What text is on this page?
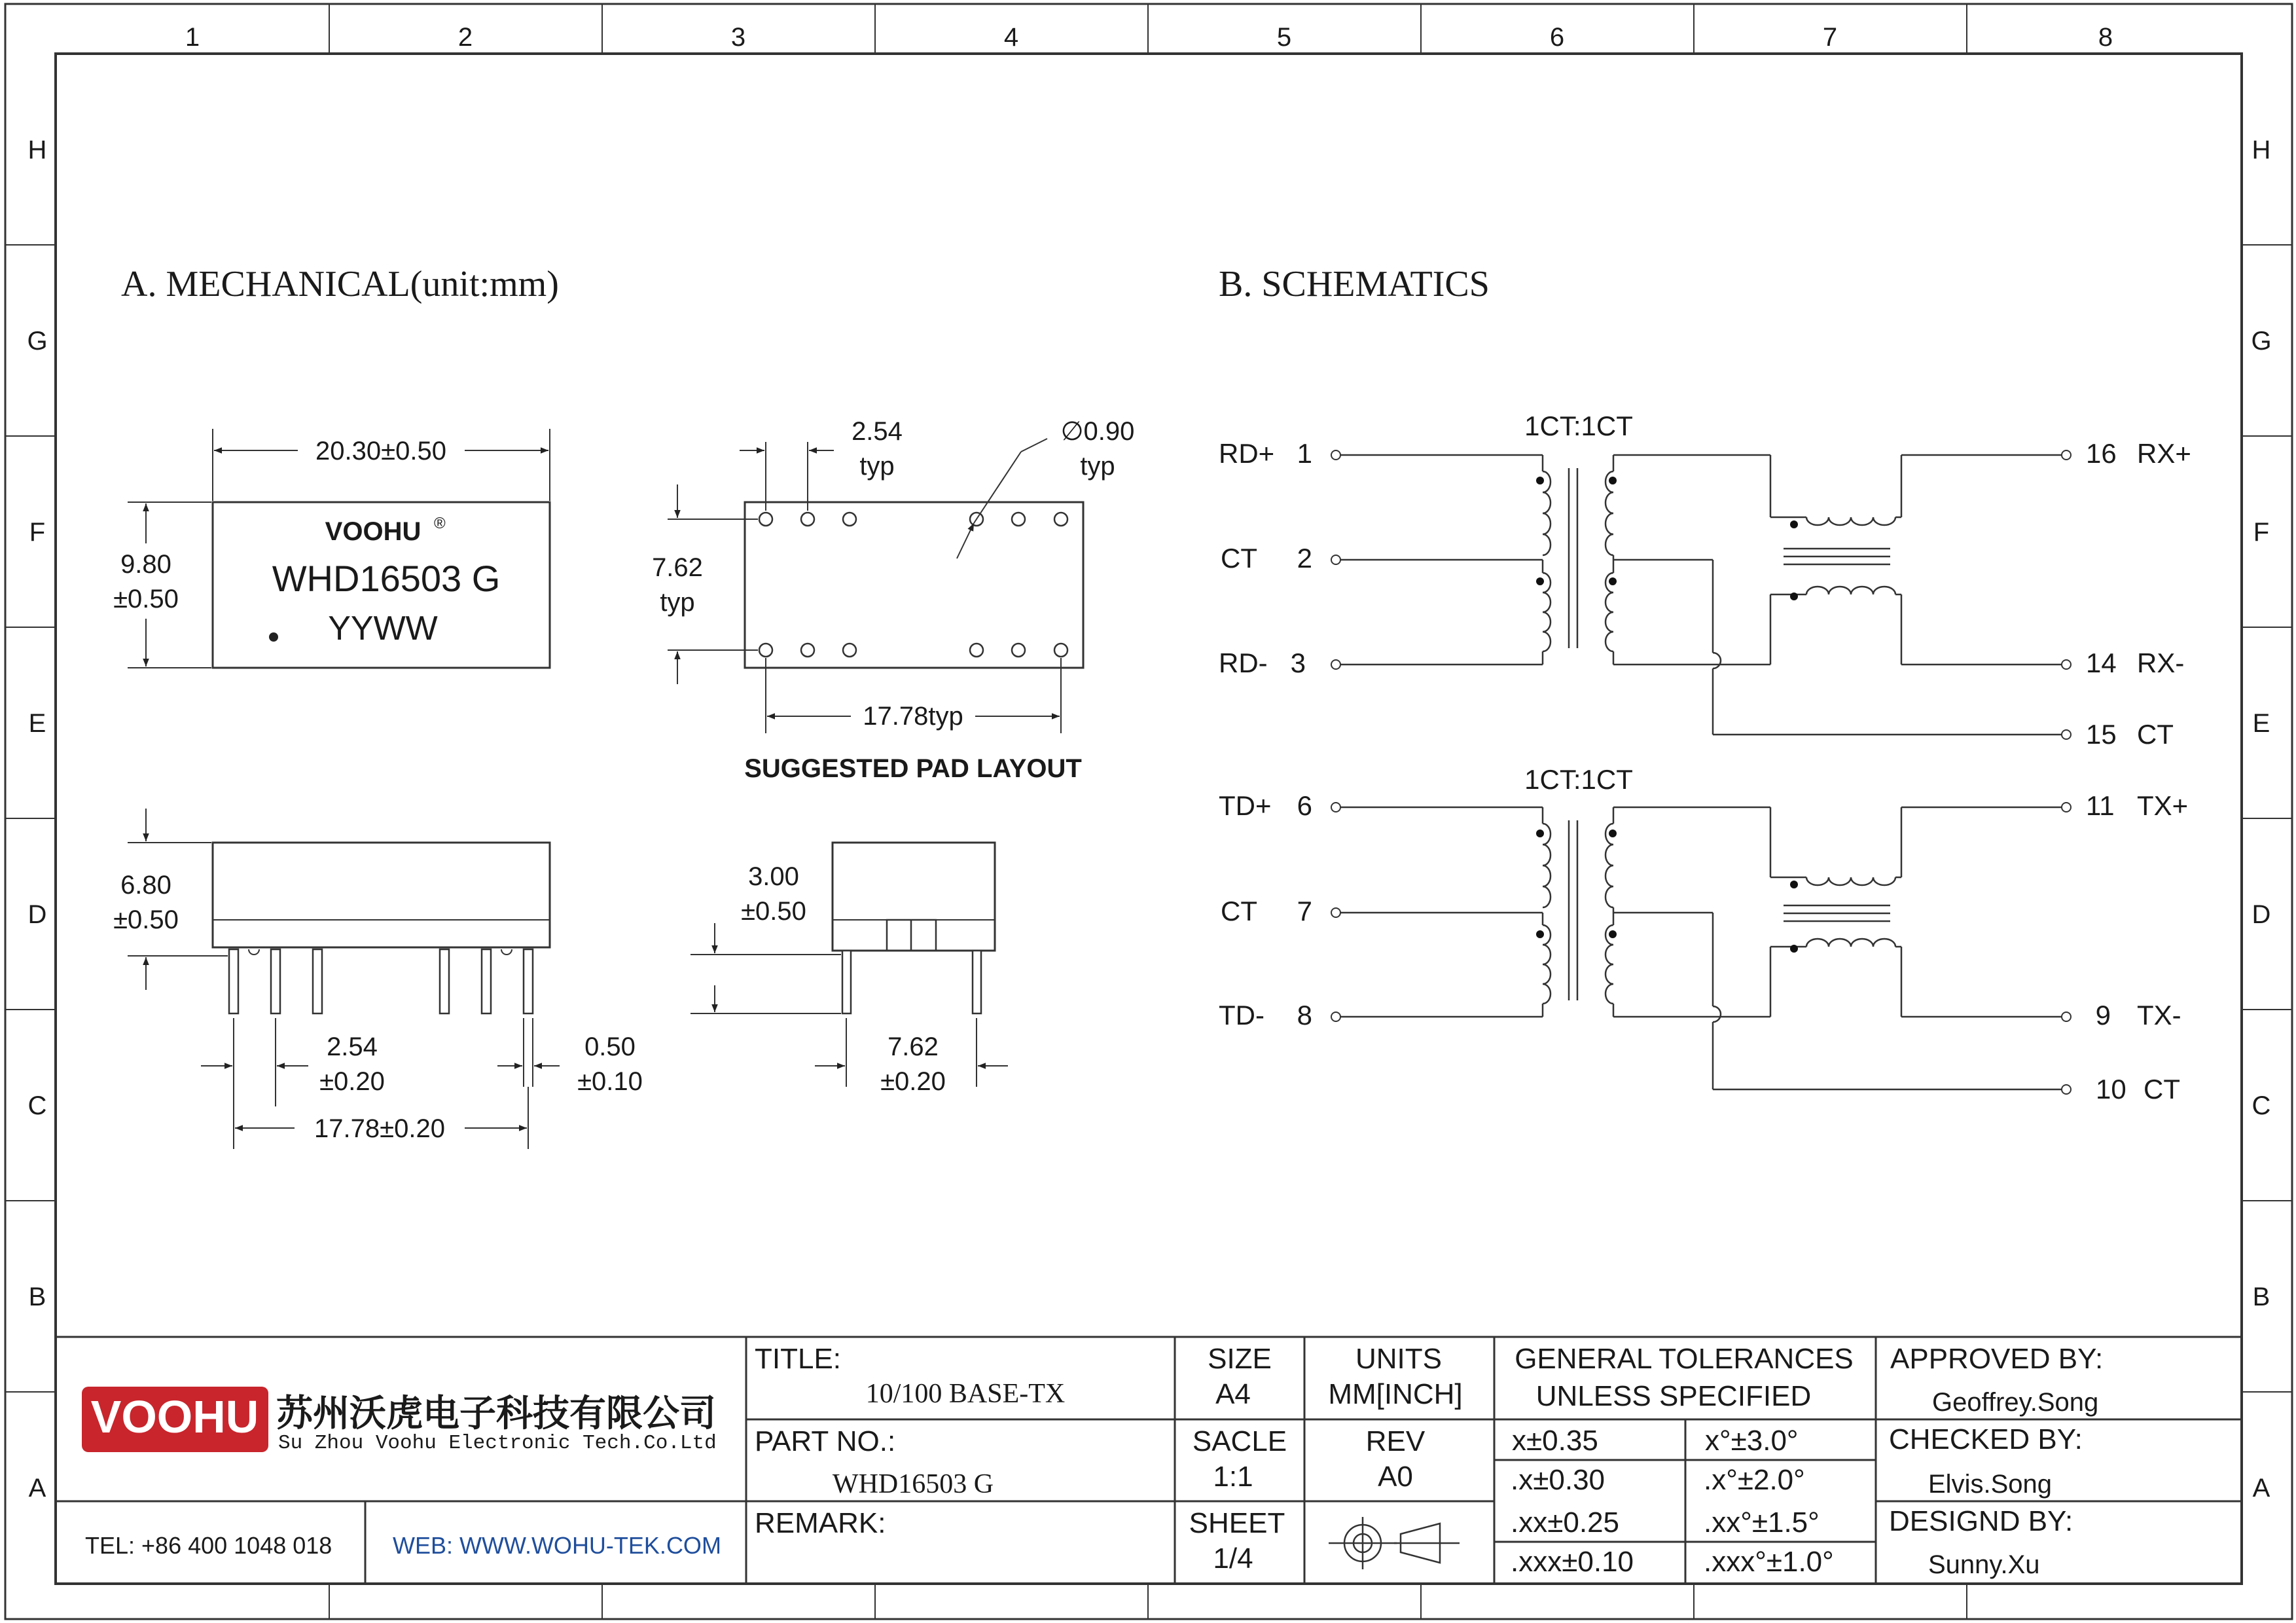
1	2	3	4	5	6	7	8
H
G
F
E
D
C
B
A
H
G
F
E
D
C
B
A
A. MECHANICAL(unit:mm)
VOOHU ®
WHD16503 G
YYWW
20.30±0.50
9.80
±0.50
2.54
typ
∅0.90
typ
7.62
typ
17.78typ
SUGGESTED PAD LAYOUT
6.80
±0.50
2.54
±0.20
0.50
±0.10
17.78±0.20
3.00
±0.50
7.62
±0.20
B. SCHEMATICS
1CT:1CT
RD+ 1
CT 2
RD- 3
16 RX+
14 RX-
15 CT
1CT:1CT
TD+ 6
CT 7
TD- 8
11 TX+
9 TX-
10 CT
VOOHU 苏州沃虎电子科技有限公司
Su Zhou Voohu Electronic Tech.Co.Ltd
TEL: +86 400 1048 018	WEB: WWW.WOHU-TEK.COM
TITLE:
10/100 BASE-TX
PART NO.:
WHD16503 G
REMARK:
SIZE
A4
SACLE
1:1
SHEET
1/4
UNITS
MM[INCH]
REV
A0
GENERAL TOLERANCES
UNLESS SPECIFIED
x±0.35	x°±3.0°
.x±0.30	.x°±2.0°
.xx±0.25	.xx°±1.5°
.xxx±0.10 .xxx°±1.0°
APPROVED BY:
Geoffrey.Song
CHECKED BY:
Elvis.Song
DESIGND BY:
Sunny.Xu
